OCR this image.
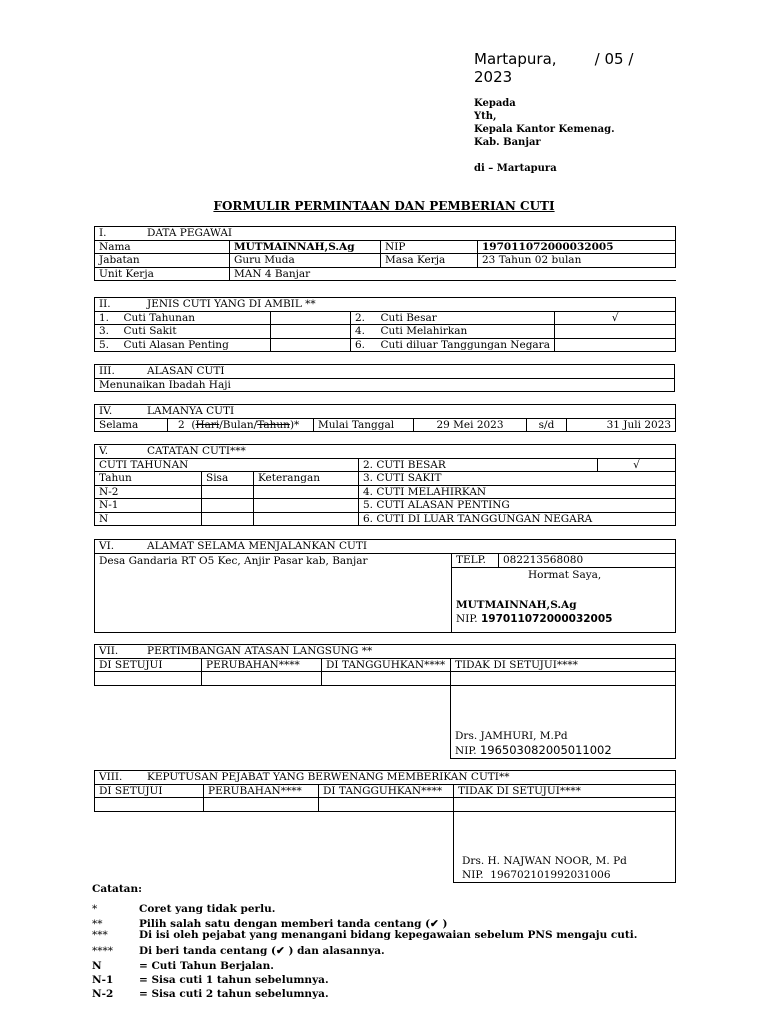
Martapura,        / 05 /
2023
Kepada
Yth,
Kepala Kantor Kemenag.
Kab. Banjar
di – Martapura
FORMULIR PERMINTAAN DAN PEMBERIAN CUTI
I. DATA PEGAWAI			
Nama	MUTMAINNAH,S.Ag	NIP	197011072000032005
Jabatan	Guru Muda	Masa Kerja	23 Tahun 02 bulan
Unit Kerja	MAN 4 Banjar		
II. JENIS CUTI YANG DI AMBIL **					
1.	Cuti Tahunan		2.	Cuti Besar	√
3.	Cuti Sakit		4.	Cuti Melahirkan	
5.	Cuti Alasan Penting		6.	Cuti diluar Tanggungan Negara	
III.	ALASAN CUTI
Menunaikan Ibadah Haji
IV.	LAMANYA CUTI
Selama	2  (Hari/Bulan/Tahun)*	Mulai Tanggal	29 Mei 2023	s/d	31 Juli 2023
V. CATATAN CUTI***				
CUTI TAHUNAN			2. CUTI BESAR	√
Tahun	Sisa	Keterangan	3. CUTI SAKIT	
N-2			4. CUTI MELAHIRKAN	
N-1			5. CUTI ALASAN PENTING	
N			6. CUTI DI LUAR TANGGUNGAN NEGARA	
VI.	ALAMAT SELAMA MENJALANKAN CUTI
Desa Gandaria RT O5 Kec, Anjir Pasar kab, Banjar	TELP. 082213568080
Hormat Saya,
MUTMAINNAH,S.Ag
NIP. 197011072000032005
VII. PERTIMBANGAN ATASAN LANGSUNG **			
DI SETUJUI	PERUBAHAN****	DI TANGGUHKAN****	TIDAK DI SETUJUI****

			Drs. JAMHURI, M.Pd
NIP. 196503082005011002
VIII. KEPUTUSAN PEJABAT YANG BERWENANG MEMBERIKAN CUTI**			
DI SETUJUI	PERUBAHAN****	DI TANGGUHKAN****	TIDAK DI SETUJUI****

			Drs. H. NAJWAN NOOR, M. Pd
NIP.  196702101992031006
Catatan:
*	Coret yang tidak perlu.
**	Pilih salah satu dengan memberi tanda centang (✔ )
***	Di isi oleh pejabat yang menangani bidang kepegawaian sebelum PNS mengaju cuti.
**** Di beri tanda centang (✔ ) dan alasannya.
N	= Cuti Tahun Berjalan.
N-1 = Sisa cuti 1 tahun sebelumnya.
N-2 = Sisa cuti 2 tahun sebelumnya.
